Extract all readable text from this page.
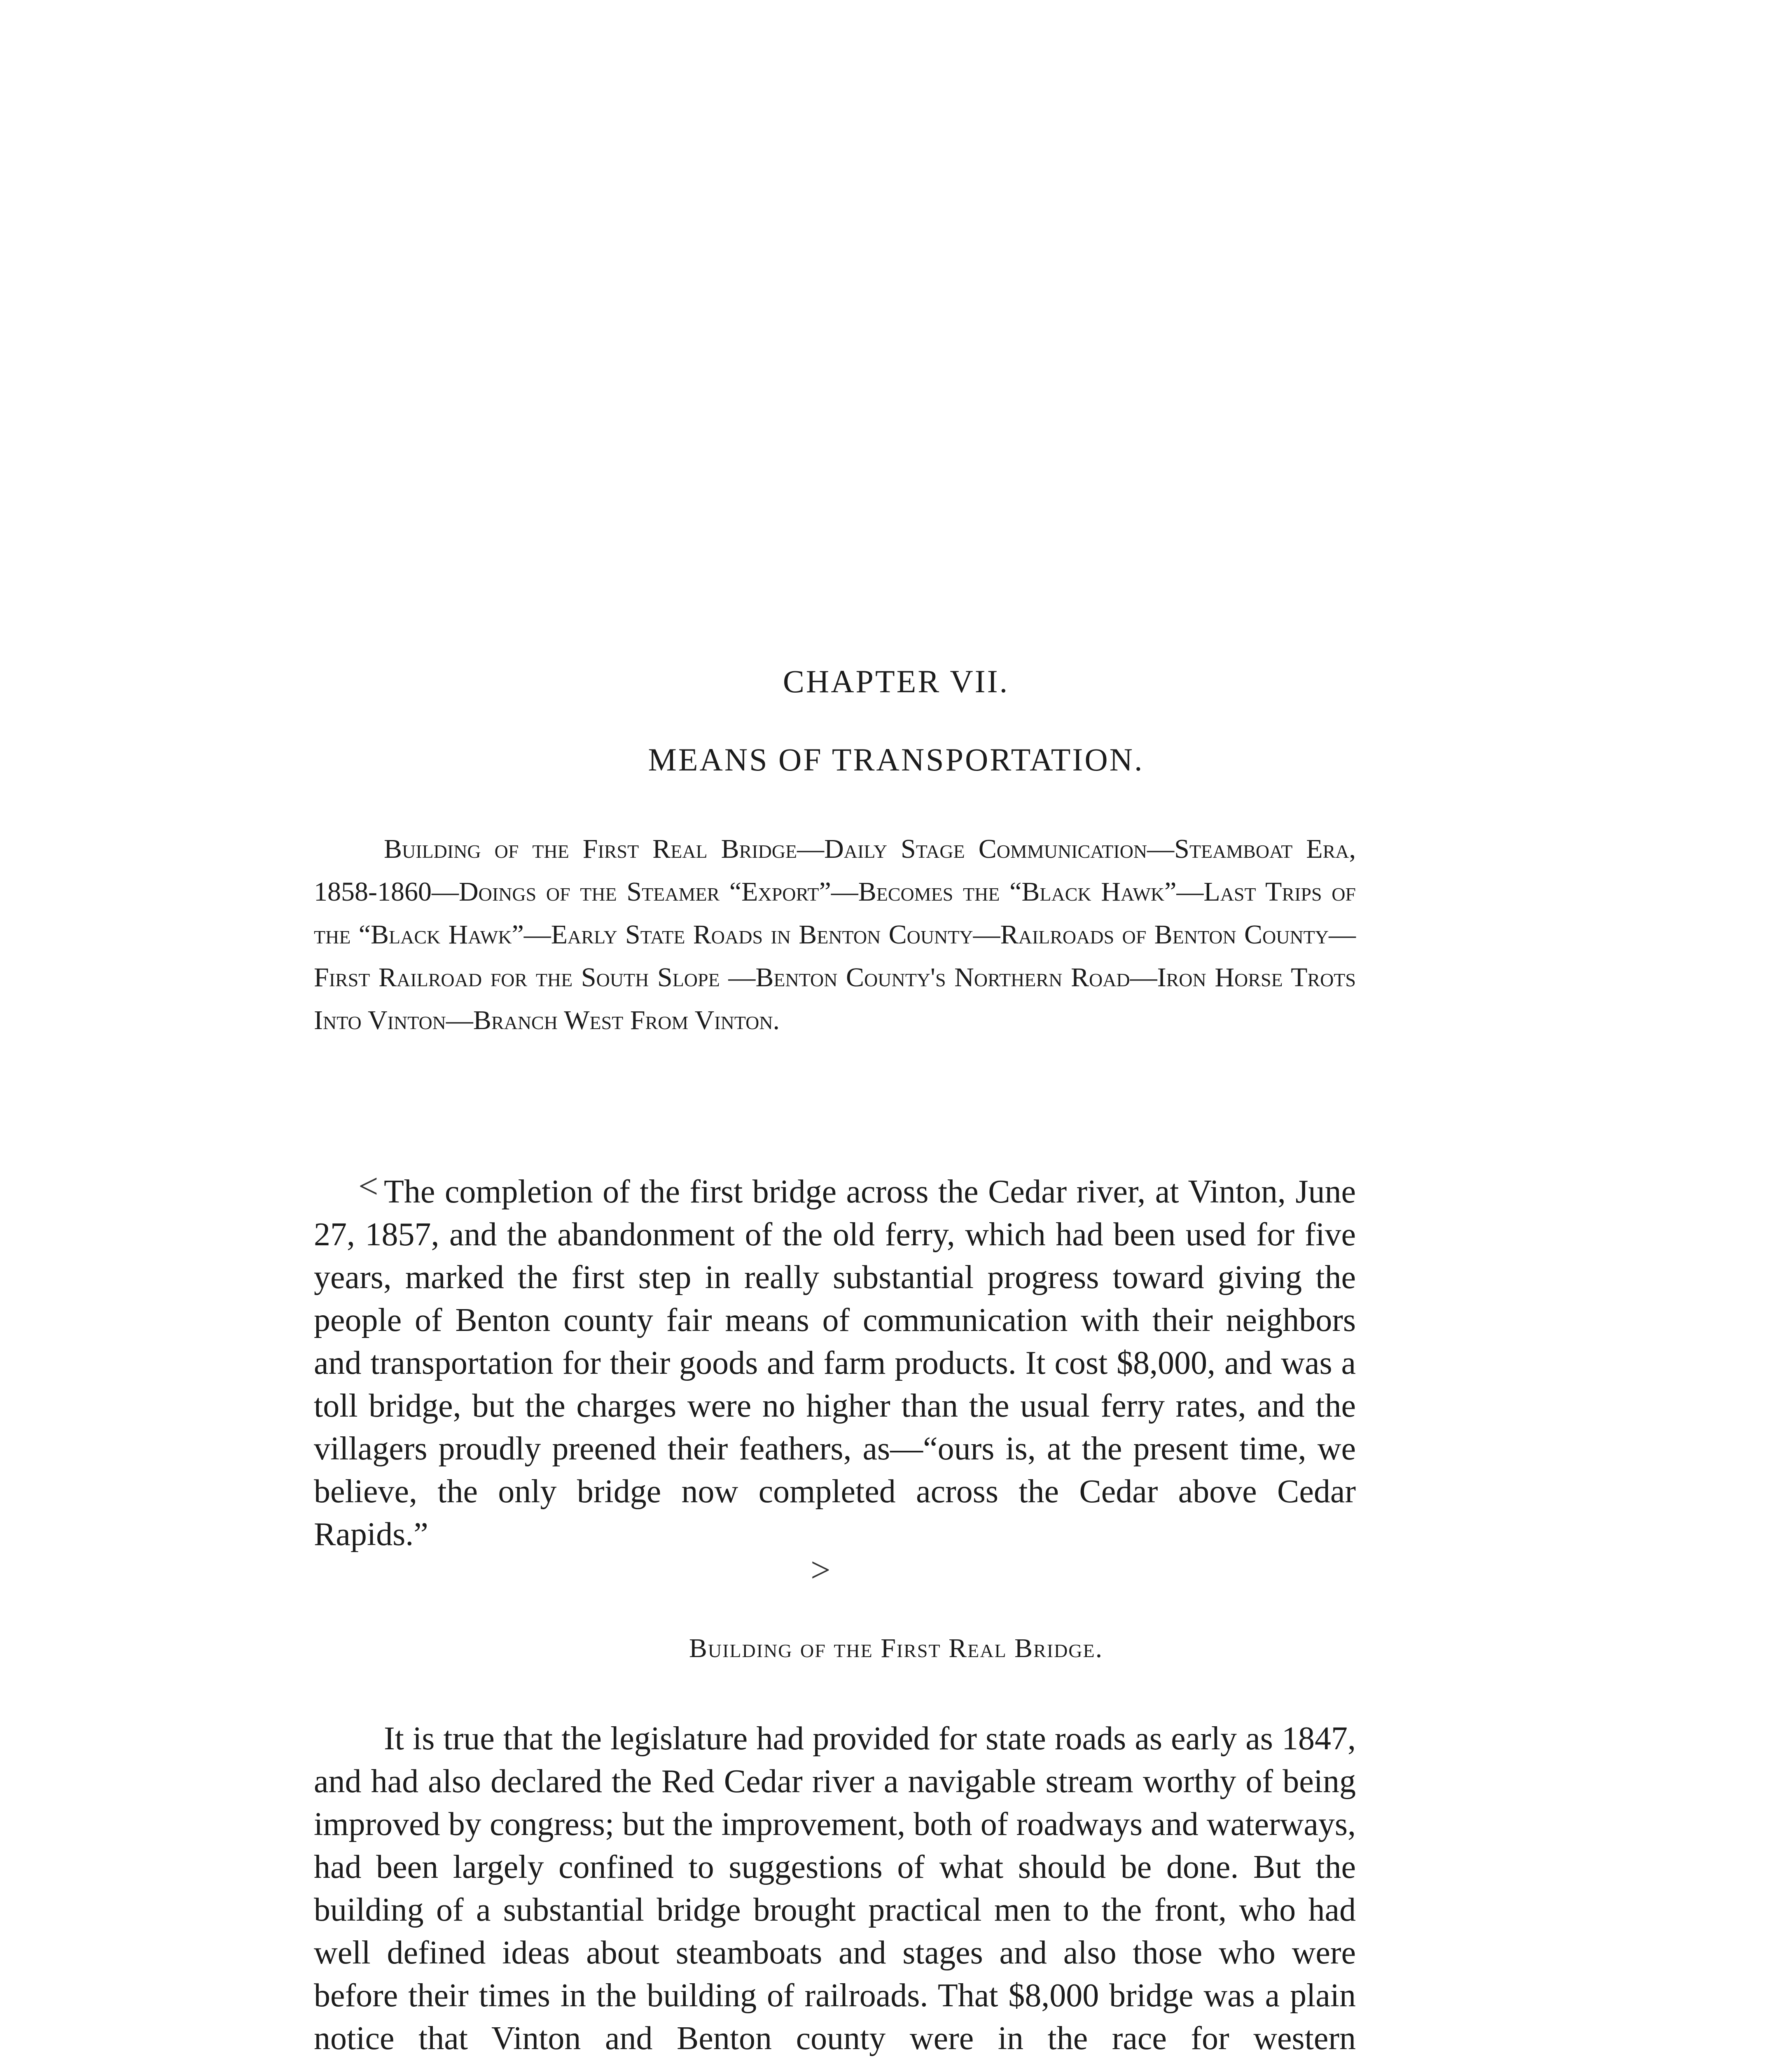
CHAPTER VII.
MEANS OF TRANSPORTATION.
Building of the First Real Bridge—Daily Stage Communication—Steamboat Era, 1858-1860—Doings of the Steamer “Export”—Becomes the “Black Hawk”—Last Trips of the “Black Hawk”—Early State Roads in Benton County—Railroads of Benton County—First Railroad for the South Slope —Benton County's Northern Road—Iron Horse Trots Into Vinton—Branch West From Vinton.
< The completion of the first bridge across the Cedar river, at Vinton, June 27, 1857, and the abandonment of the old ferry, which had been used for five years, marked the first step in really substantial progress toward giving the people of Benton county fair means of communication with their neighbors and transportation for their goods and farm products. It cost $8,000, and was a toll bridge, but the charges were no higher than the usual ferry rates, and the villagers proudly preened their feathers, as—“ours is, at the present time, we believe, the only bridge now completed across the Cedar above Cedar Rapids.”

>
Building of the First Real Bridge.

It is true that the legislature had provided for state roads as early as 1847, and had also declared the Red Cedar river a navigable stream worthy of being improved by congress; but the improvement, both of roadways and waterways, had been largely confined to suggestions of what should be done. But the building of a substantial bridge brought practical men to the front, who had well defined ideas about steamboats and stages and also those who were before their times in the building of railroads. That $8,000 bridge was a plain notice that Vinton and Benton county were in the race for western
